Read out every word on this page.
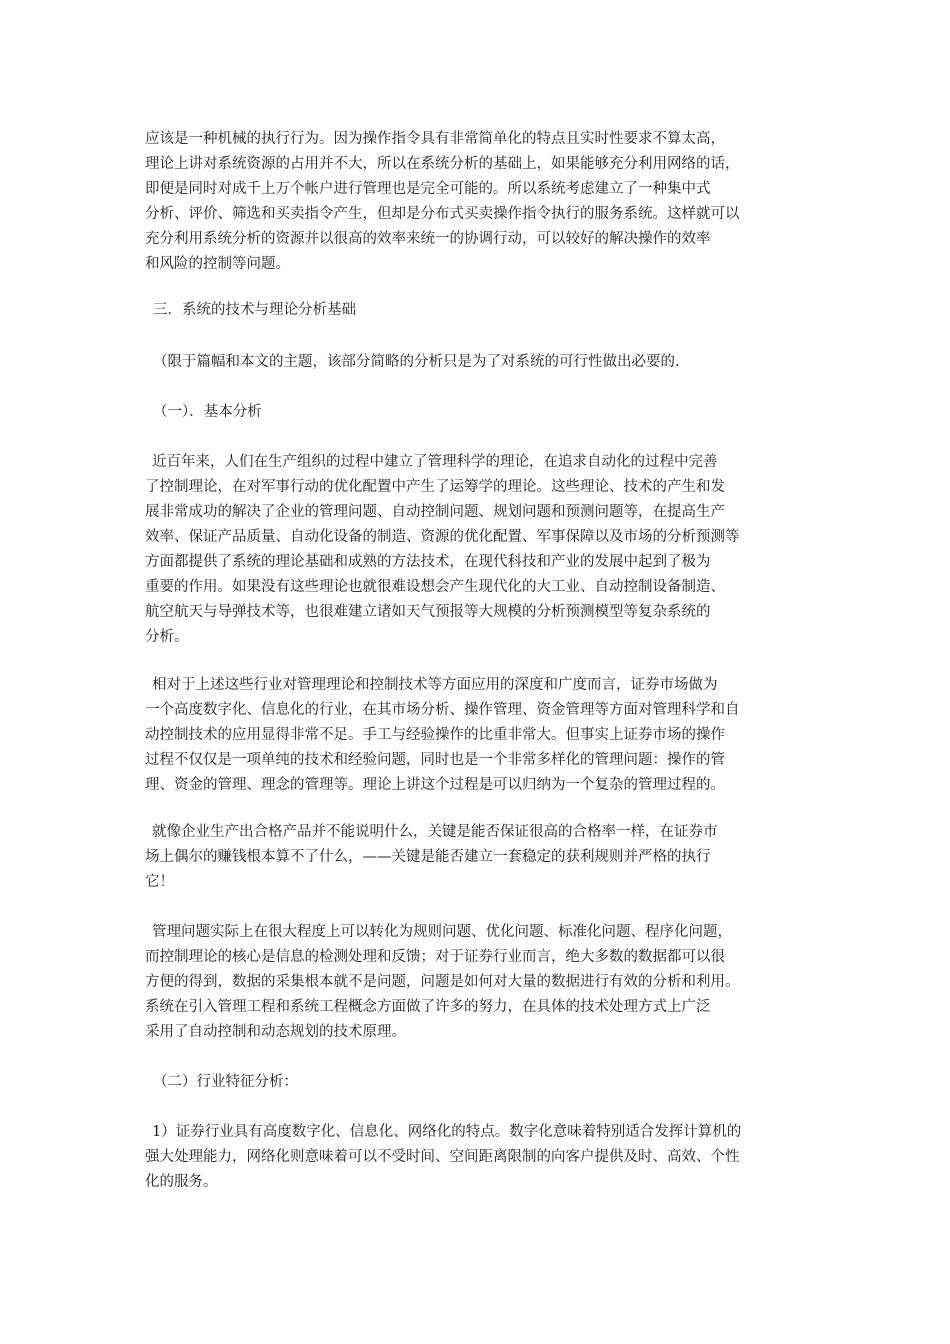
应该是一种机械的执行行为。因为操作指令具有非常简单化的特点且实时性要求不算太高，
理论上讲对系统资源的占用并不大，所以在系统分析的基础上，如果能够充分利用网络的话，
即便是同时对成千上万个帐户进行管理也是完全可能的。所以系统考虑建立了一种集中式
分析、评价、筛选和买卖指令产生，但却是分布式买卖操作指令执行的服务系统。这样就可以
充分利用系统分析的资源并以很高的效率来统一的协调行动，可以较好的解决操作的效率
和风险的控制等问题。
三．系统的技术与理论分析基础
（限于篇幅和本文的主题，该部分简略的分析只是为了对系统的可行性做出必要的.
（一）．基本分析
近百年来，人们在生产组织的过程中建立了管理科学的理论，在追求自动化的过程中完善
了控制理论，在对军事行动的优化配置中产生了运筹学的理论。这些理论、技术的产生和发
展非常成功的解决了企业的管理问题、自动控制问题、规划问题和预测问题等，在提高生产
效率、保证产品质量、自动化设备的制造、资源的优化配置、军事保障以及市场的分析预测等
方面都提供了系统的理论基础和成熟的方法技术，在现代科技和产业的发展中起到了极为
重要的作用。如果没有这些理论也就很难设想会产生现代化的大工业、自动控制设备制造、
航空航天与导弹技术等，也很难建立诸如天气预报等大规模的分析预测模型等复杂系统的
分析。
相对于上述这些行业对管理理论和控制技术等方面应用的深度和广度而言，证券市场做为
一个高度数字化、信息化的行业，在其市场分析、操作管理、资金管理等方面对管理科学和自
动控制技术的应用显得非常不足。手工与经验操作的比重非常大。但事实上证券市场的操作
过程不仅仅是一项单纯的技术和经验问题，同时也是一个非常多样化的管理问题：操作的管
理、资金的管理、理念的管理等。理论上讲这个过程是可以归纳为一个复杂的管理过程的。
就像企业生产出合格产品并不能说明什么，关键是能否保证很高的合格率一样，在证券市
场上偶尔的赚钱根本算不了什么，——关键是能否建立一套稳定的获利规则并严格的执行
它！
管理问题实际上在很大程度上可以转化为规则问题、优化问题、标准化问题、程序化问题，
而控制理论的核心是信息的检测处理和反馈；对于证券行业而言，绝大多数的数据都可以很
方便的得到，数据的采集根本就不是问题，问题是如何对大量的数据进行有效的分析和利用。
系统在引入管理工程和系统工程概念方面做了许多的努力，在具体的技术处理方式上广泛
采用了自动控制和动态规划的技术原理。
（二）行业特征分析：
1）证券行业具有高度数字化、信息化、网络化的特点。数字化意味着特别适合发挥计算机的
强大处理能力，网络化则意味着可以不受时间、空间距离限制的向客户提供及时、高效、个性
化的服务。
